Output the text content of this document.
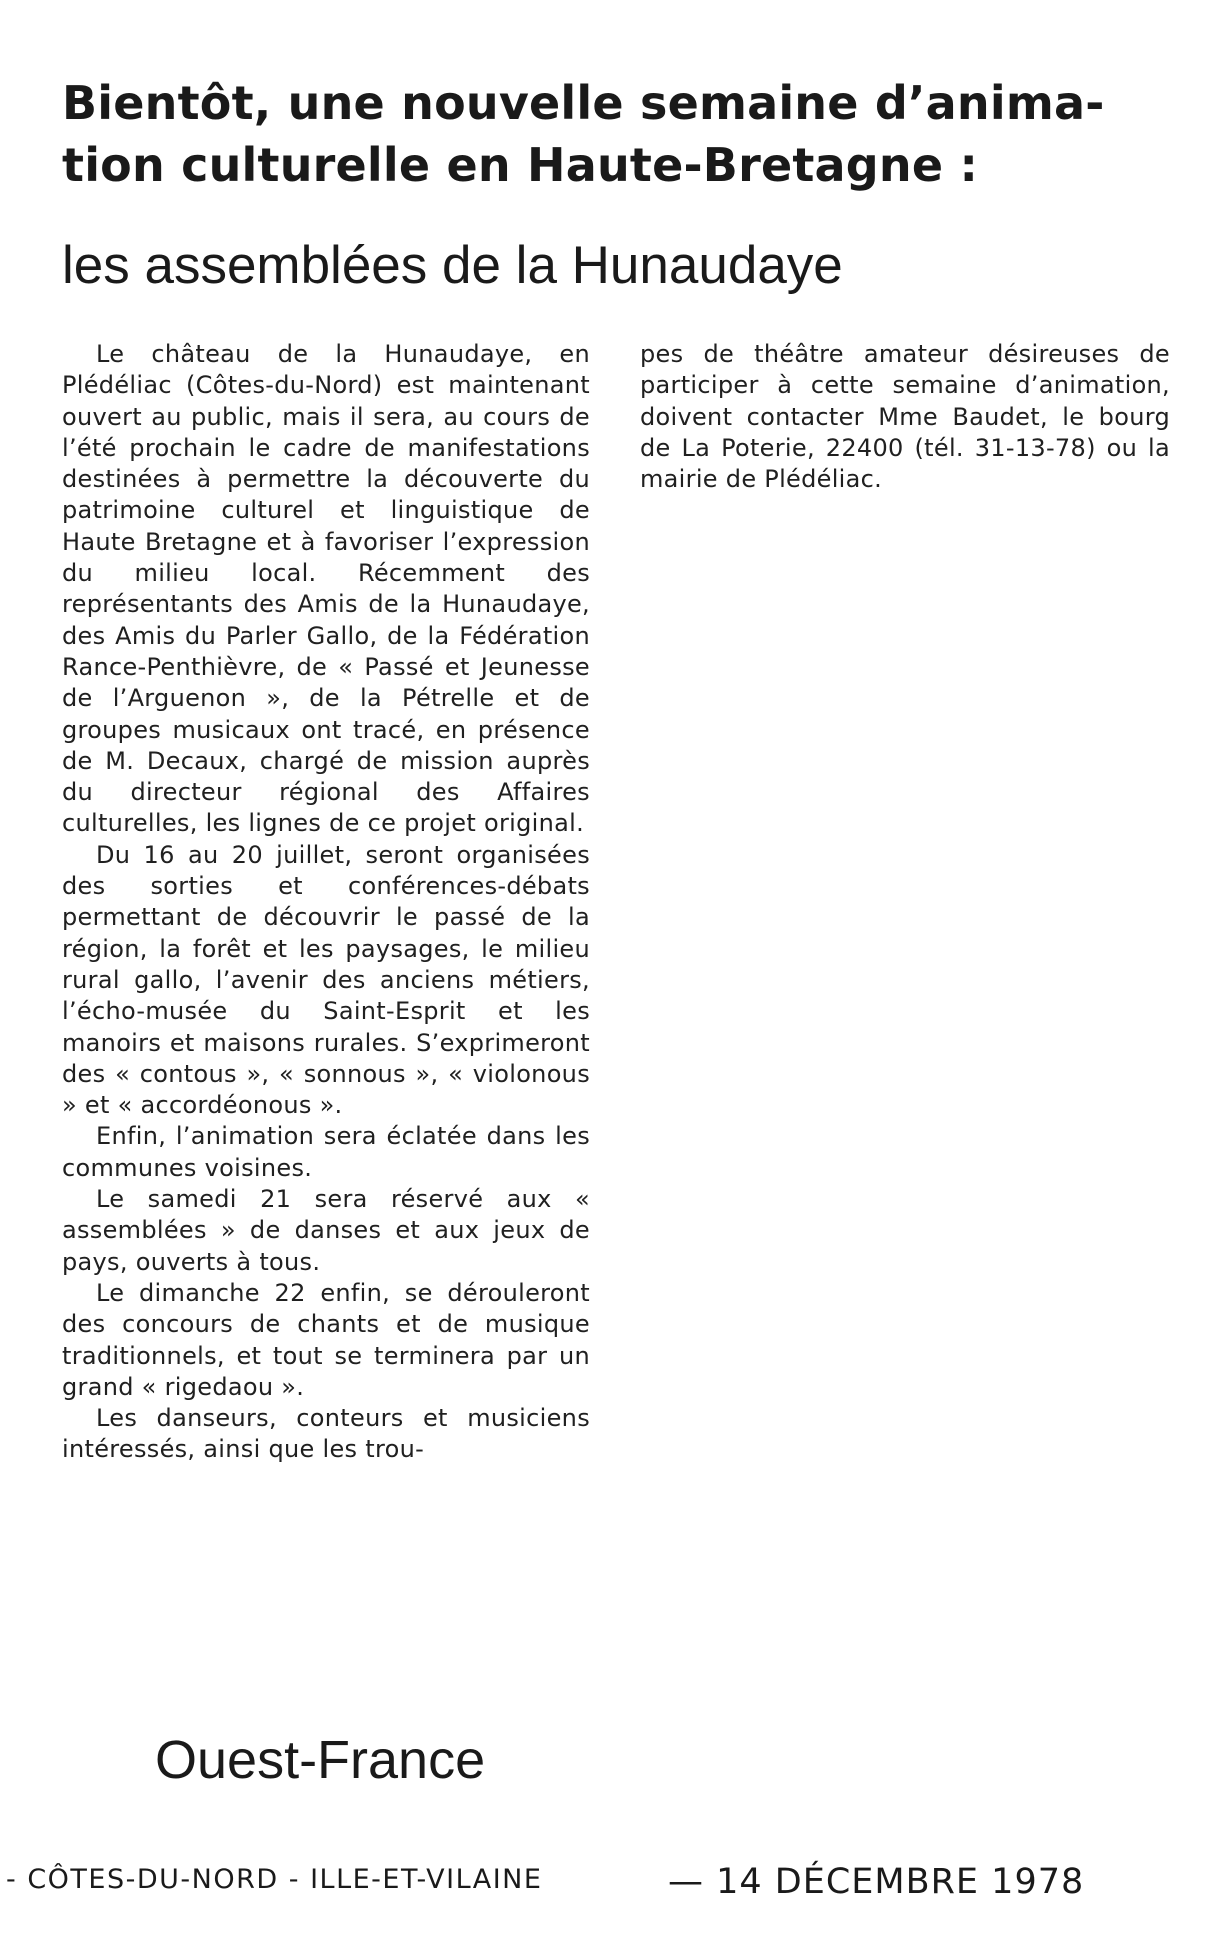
Bientôt, une nouvelle semaine d’anima-
tion culturelle en Haute-Bretagne :
les assemblées de la Hunaudaye

Le château de la Hunaudaye, en Plédéliac (Côtes-du-Nord) est maintenant ouvert au public, mais il sera, au cours de l’été prochain le cadre de manifestations destinées à permettre la découverte du patrimoine culturel et linguistique de Haute Bretagne et à favoriser l’expression du milieu local. Récemment des représentants des Amis de la Hunaudaye, des Amis du Parler Gallo, de la Fédération Rance-Penthièvre, de « Passé et Jeunesse de l’Arguenon », de la Pétrelle et de groupes musicaux ont tracé, en présence de M. Decaux, chargé de mission auprès du directeur régional des Affaires culturelles, les lignes de ce projet original.

Du 16 au 20 juillet, seront organisées des sorties et conférences-débats permettant de découvrir le passé de la région, la forêt et les paysages, le milieu rural gallo, l’avenir des anciens métiers, l’écho-musée du Saint-Esprit et les manoirs et maisons rurales. S’exprimeront des « contous », « sonnous », « violonous » et « accordéonous ».

Enfin, l’animation sera éclatée dans les communes voisines.

Le samedi 21 sera réservé aux « assemblées » de danses et aux jeux de pays, ouverts à tous.

Le dimanche 22 enfin, se dérouleront des concours de chants et de musique traditionnels, et tout se terminera par un grand « rigedaou ».

Les danseurs, conteurs et musiciens intéressés, ainsi que les trou-

pes de théâtre amateur désireuses de participer à cette semaine d’animation, doivent contacter Mme Baudet, le bourg de La Poterie, 22400 (tél. 31-13-78) ou la mairie de Plédéliac.

Ouest-France
- CÔTES-DU-NORD - ILLE-ET-VILAINE	— 14 DÉCEMBRE 1978
